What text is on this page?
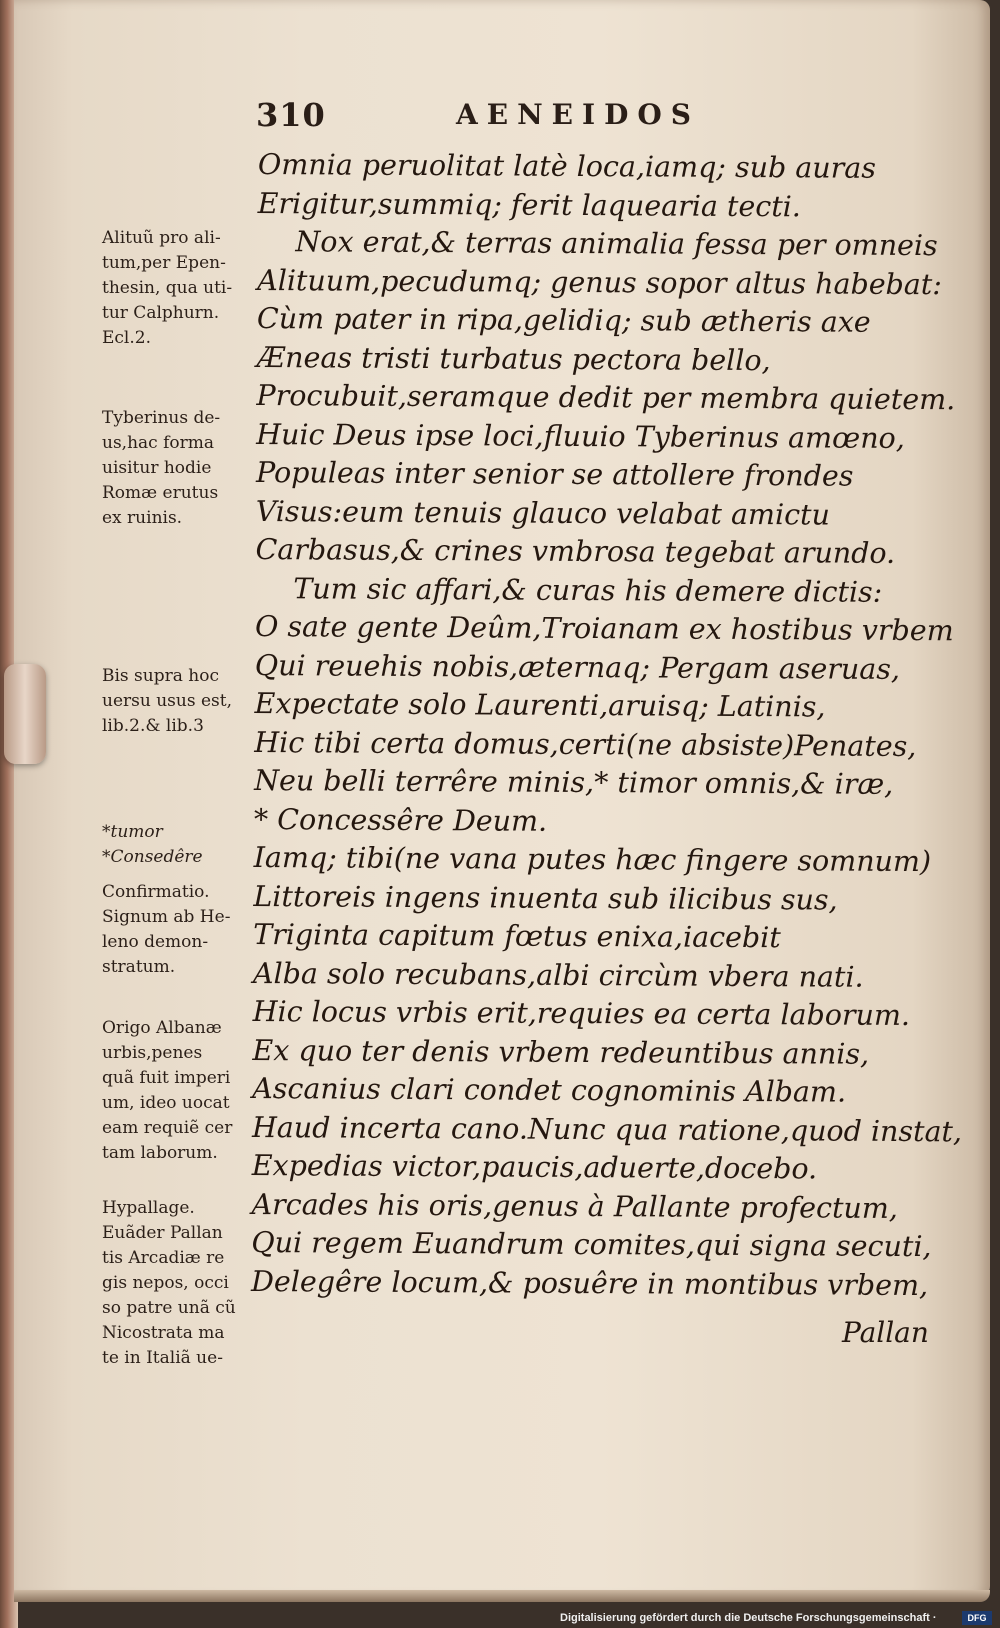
310	AENEIDOS
Omnia peruolitat latè loca,iamq; sub auras
Erigitur,summiq; ferit laquearia tecti.
Nox erat,& terras animalia fessa per omneis
Alituum,pecudumq; genus sopor altus habebat:
Cùm pater in ripa,gelidiq; sub ætheris axe
Æneas tristi turbatus pectora bello,
Procubuit,seramque dedit per membra quietem.
Huic Deus ipse loci,fluuio Tyberinus amœno,
Populeas inter senior se attollere frondes
Visus:eum tenuis glauco velabat amictu
Carbasus,& crines vmbrosa tegebat arundo.
Tum sic affari,& curas his demere dictis:
O sate gente Deûm,Troianam ex hostibus vrbem
Qui reuehis nobis,æternaq; Pergam aseruas,
Expectate solo Laurenti,aruisq; Latinis,
Hic tibi certa domus,certi(ne absiste)Penates,
Neu belli terrêre minis,* timor omnis,& iræ,
* Concessêre Deum.
Iamq; tibi(ne vana putes hæc fingere somnum)
Littoreis ingens inuenta sub ilicibus sus,
Triginta capitum fœtus enixa,iacebit
Alba solo recubans,albi circùm vbera nati.
Hic locus vrbis erit,requies ea certa laborum.
Ex quo ter denis vrbem redeuntibus annis,
Ascanius clari condet cognominis Albam.
Haud incerta cano.Nunc qua ratione,quod instat,
Expedias victor,paucis,aduerte,docebo.
Arcades his oris,genus à Pallante profectum,
Qui regem Euandrum comites,qui signa secuti,
Delegêre locum,& posuêre in montibus vrbem,
Pallan
Alituũ pro ali-
tum,per Epen-
thesin, qua uti-
tur Calphurn.
Ecl.2.
Tyberinus de-
us,hac forma
uisitur hodie
Romæ erutus
ex ruinis.
Bis supra hoc
uersu usus est,
lib.2.& lib.3
*tumor
*Consedêre
Confirmatio.
Signum ab He-
leno demon-
stratum.
Origo Albanæ
urbis,penes
quã fuit imperi
um, ideo uocat
eam requiẽ cer
tam laborum.
Hypallage.
Euãder Pallan
tis Arcadiæ re
gis nepos, occi
so patre unã cũ
Nicostrata ma
te in Italiã ue-
Digitalisierung gefördert durch die Deutsche Forschungsgemeinschaft ·	DFG
